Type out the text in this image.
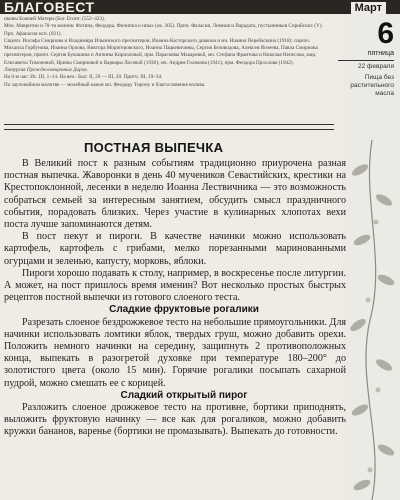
БЛАГОВЕСТ	Март

иконы Божией Матери (Бог. Египт. (552–423).

Мчч. Мавритии и 70-ти воинов: Фотина, Феодора, Филиппа и иных (ок. 305). Прпп. Фаласия, Лимния и Варадата, пустынников Сирийских (V). Прп. Афанасия исп. (821).

Сщмчч. Иосифа Смирнова и Владимира Ильинского пресвитеров, Иоанна Касторского диакона и мч. Иоанна Перебаскина (1918); сщмчч. Михаила Горбунова, Иоанна Орлова, Виктора Моригеровского, Иоанна Пацкевичины, Сергия Беловодова, Алексея Яснеева, Павла Смирнова пресвитеров, прмчч. Сергия Букашина и Аппины Кирилловой, прм. Параскевы Макаровой, мч. Стефана Франтова и Николая Непесова, мцц. Елисаветы Тимоновой, Ирины Смирновой и Варвары Лосевой (1938); мч. Андрея Голикова (1941); прм. Феодора Прохлова (1942).

Литургия Преждеосвященных Даров.

На 6-м час: Ис. III, 1–14. На веч.: Быт. II, 20 — III, 20. Притч. III, 19–34.

По заупокойном молитве — молебный канон мч. Феодору Тирону и благословение колива.

6
пятница
22 февраля
Пища без растительного масла
ПОСТНАЯ ВЫПЕЧКА

В Великий пост к разным событиям традиционно приурочена разная постная выпечка. Жаворонки в день 40 мучеников Севастийских, крестики на Крестопоклонной, лесенки в неделю Иоанна Лествичника — это возможность собраться семьей за интересным занятием, обсудить смысл праздничного события, порадовать близких. Через участие в кулинарных хлопотах вехи поста лучше запоминаются детям.

В пост пекут и пироги. В качестве начинки можно использовать картофель, картофель с грибами, мелко порезанными маринованными огурцами и зеленью, капусту, морковь, яблоки.

Пироги хорошо подавать к столу, например, в воскресенье после литургии. А может, на пост пришлось время именин? Вот несколько простых быстрых рецептов постной выпечки из готового слоеного теста.

Сладкие фруктовые рогалики

Разрезать слоеное бездрожжевое тесто на небольшие прямоугольники. Для начинки использовать ломтики яблок, твердых груш, можно добавить орехи. Положить немного начинки на середину, защипнуть 2 противоположных конца, выпекать в разогретой духовке при температуре 180–200° до золотистого цвета (около 15 мин). Горячие рогалики посыпать сахарной пудрой, можно смешать ее с корицей.

Сладкий открытый пирог

Разложить слоеное дрожжевое тесто на противне, бортики приподнять, выложить фруктовую начинку — все как для рогаликов, можно добавить кружки бананов, варенье (бортики не промазывать). Выпекать до готовности.
